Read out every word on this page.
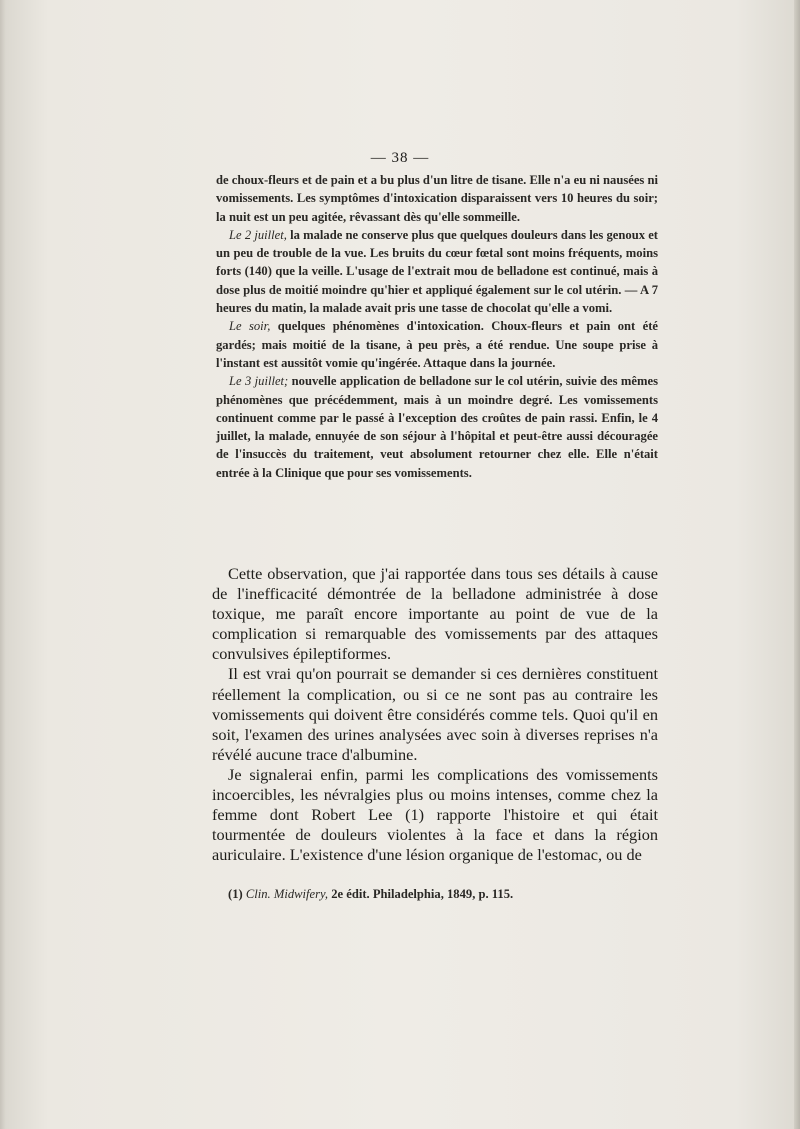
— 38 —

de choux-fleurs et de pain et a bu plus d'un litre de tisane. Elle n'a eu ni nausées ni vomissements. Les symptômes d'intoxication disparaissent vers 10 heures du soir; la nuit est un peu agitée, rêvassant dès qu'elle sommeille.

Le 2 juillet, la malade ne conserve plus que quelques douleurs dans les genoux et un peu de trouble de la vue. Les bruits du cœur fœtal sont moins fréquents, moins forts (140) que la veille. L'usage de l'extrait mou de belladone est continué, mais à dose plus de moitié moindre qu'hier et appliqué également sur le col utérin. — A 7 heures du matin, la malade avait pris une tasse de chocolat qu'elle a vomi.

Le soir, quelques phénomènes d'intoxication. Choux-fleurs et pain ont été gardés; mais moitié de la tisane, à peu près, a été rendue. Une soupe prise à l'instant est aussitôt vomie qu'ingérée. Attaque dans la journée.

Le 3 juillet; nouvelle application de belladone sur le col utérin, suivie des mêmes phénomènes que précédemment, mais à un moindre degré. Les vomissements continuent comme par le passé à l'exception des croûtes de pain rassi. Enfin, le 4 juillet, la malade, ennuyée de son séjour à l'hôpital et peut-être aussi découragée de l'insuccès du traitement, veut absolument retourner chez elle. Elle n'était entrée à la Clinique que pour ses vomissements.

Cette observation, que j'ai rapportée dans tous ses détails à cause de l'inefficacité démontrée de la belladone administrée à dose toxique, me paraît encore importante au point de vue de la complication si remarquable des vomissements par des attaques convulsives épileptiformes.

Il est vrai qu'on pourrait se demander si ces dernières constituent réellement la complication, ou si ce ne sont pas au contraire les vomissements qui doivent être considérés comme tels. Quoi qu'il en soit, l'examen des urines analysées avec soin à diverses reprises n'a révélé aucune trace d'albumine.

Je signalerai enfin, parmi les complications des vomissements incoercibles, les névralgies plus ou moins intenses, comme chez la femme dont Robert Lee (1) rapporte l'histoire et qui était tourmentée de douleurs violentes à la face et dans la région auriculaire. L'existence d'une lésion organique de l'estomac, ou de

(1) Clin. Midwifery, 2e édit. Philadelphia, 1849, p. 115.
